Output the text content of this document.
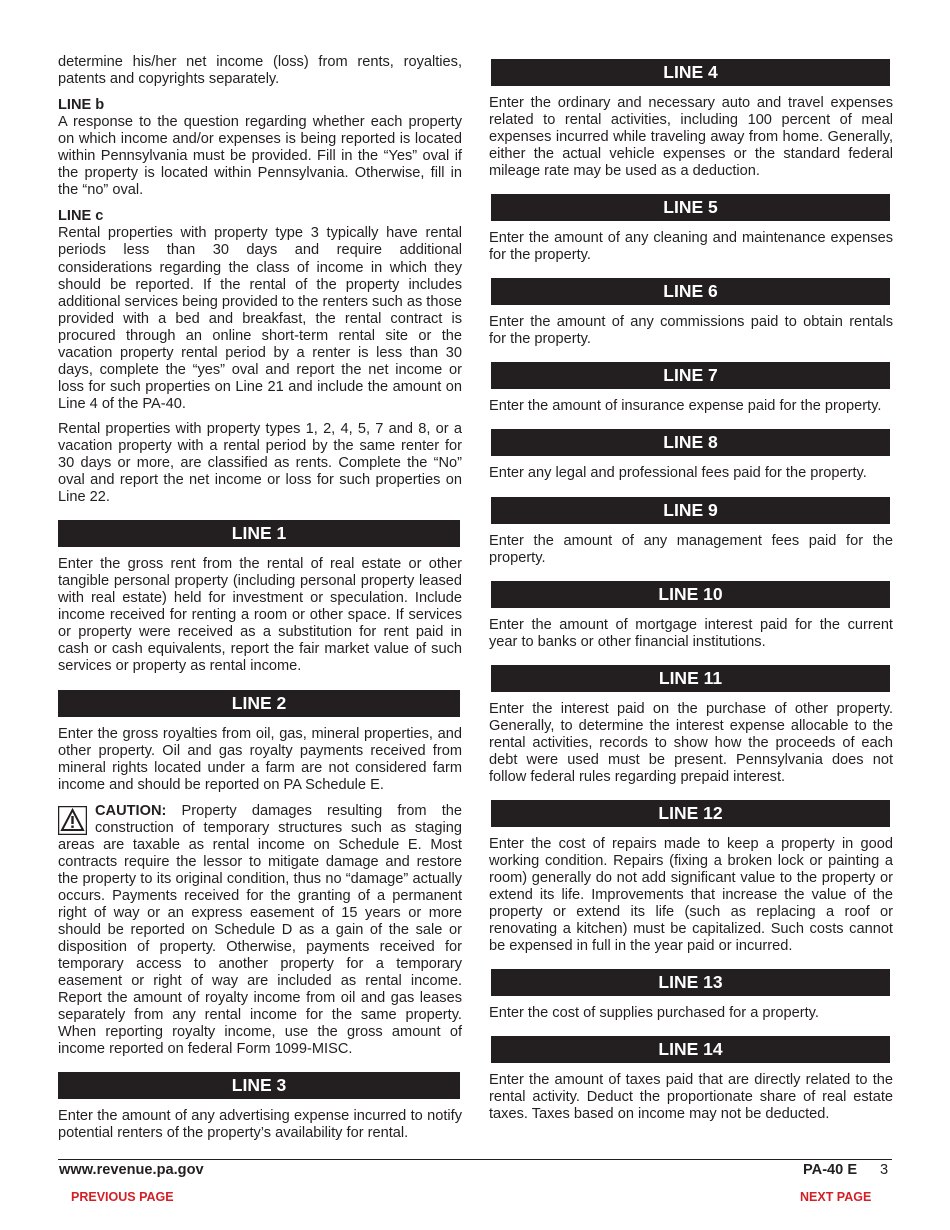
determine his/her net income (loss) from rents, royalties, patents and copyrights separately.

LINE b

A response to the question regarding whether each property on which income and/or expenses is being reported is located within Pennsylvania must be provided. Fill in the “Yes” oval if the property is located within Pennsylvania. Otherwise, fill in the “no” oval.

LINE c

Rental properties with property type 3 typically have rental periods less than 30 days and require additional considerations regarding the class of income in which they should be reported. If the rental of the property includes additional services being provided to the renters such as those provided with a bed and breakfast, the rental contract is procured through an online short-term rental site or the vacation property rental period by a renter is less than 30 days, complete the “yes” oval and report the net income or loss for such properties on Line 21 and include the amount on Line 4 of the PA-40.

Rental properties with property types 1, 2, 4, 5, 7 and 8, or a vacation property with a rental period by the same renter for 30 days or more, are classified as rents. Complete the “No” oval and report the net income or loss for such properties on Line 22.

LINE 1

Enter the gross rent from the rental of real estate or other tangible personal property (including personal property leased with real estate) held for investment or speculation. Include income received for renting a room or other space. If services or property were received as a substitution for rent paid in cash or cash equivalents, report the fair market value of such services or property as rental income.

LINE 2

Enter the gross royalties from oil, gas, mineral properties, and other property. Oil and gas royalty payments received from mineral rights located under a farm are not considered farm income and should be reported on PA Schedule E.

CAUTION: Property damages resulting from the construction of temporary structures such as staging areas are taxable as rental income on Schedule E. Most contracts require the lessor to mitigate damage and restore the property to its original condition, thus no “damage” actually occurs. Payments received for the granting of a permanent right of way or an express easement of 15 years or more should be reported on Schedule D as a gain of the sale or disposition of property. Otherwise, payments received for temporary access to another property for a temporary easement or right of way are included as rental income. Report the amount of royalty income from oil and gas leases separately from any rental income for the same property. When reporting royalty income, use the gross amount of income reported on federal Form 1099-MISC.

LINE 3

Enter the amount of any advertising expense incurred to notify potential renters of the property’s availability for rental.

LINE 4

Enter the ordinary and necessary auto and travel expenses related to rental activities, including 100 percent of meal expenses incurred while traveling away from home. Generally, either the actual vehicle expenses or the standard federal mileage rate may be used as a deduction.

LINE 5

Enter the amount of any cleaning and maintenance expenses for the property.

LINE 6

Enter the amount of any commissions paid to obtain rentals for the property.

LINE 7

Enter the amount of insurance expense paid for the property.

LINE 8

Enter any legal and professional fees paid for the property.

LINE 9

Enter the amount of any management fees paid for the property.

LINE 10

Enter the amount of mortgage interest paid for the current year to banks or other financial institutions.

LINE 11

Enter the interest paid on the purchase of other property. Generally, to determine the interest expense allocable to the rental activities, records to show how the proceeds of each debt were used must be present. Pennsylvania does not follow federal rules regarding prepaid interest.

LINE 12

Enter the cost of repairs made to keep a property in good working condition. Repairs (fixing a broken lock or painting a room) generally do not add significant value to the property or extend its life. Improvements that increase the value of the property or extend its life (such as replacing a roof or renovating a kitchen) must be capitalized. Such costs cannot be expensed in full in the year paid or incurred.

LINE 13

Enter the cost of supplies purchased for a property.

LINE 14

Enter the amount of taxes paid that are directly related to the rental activity. Deduct the proportionate share of real estate taxes. Taxes based on income may not be deducted.

www.revenue.pa.gov	PA-40 E 3
PREVIOUS PAGE	NEXT PAGE
